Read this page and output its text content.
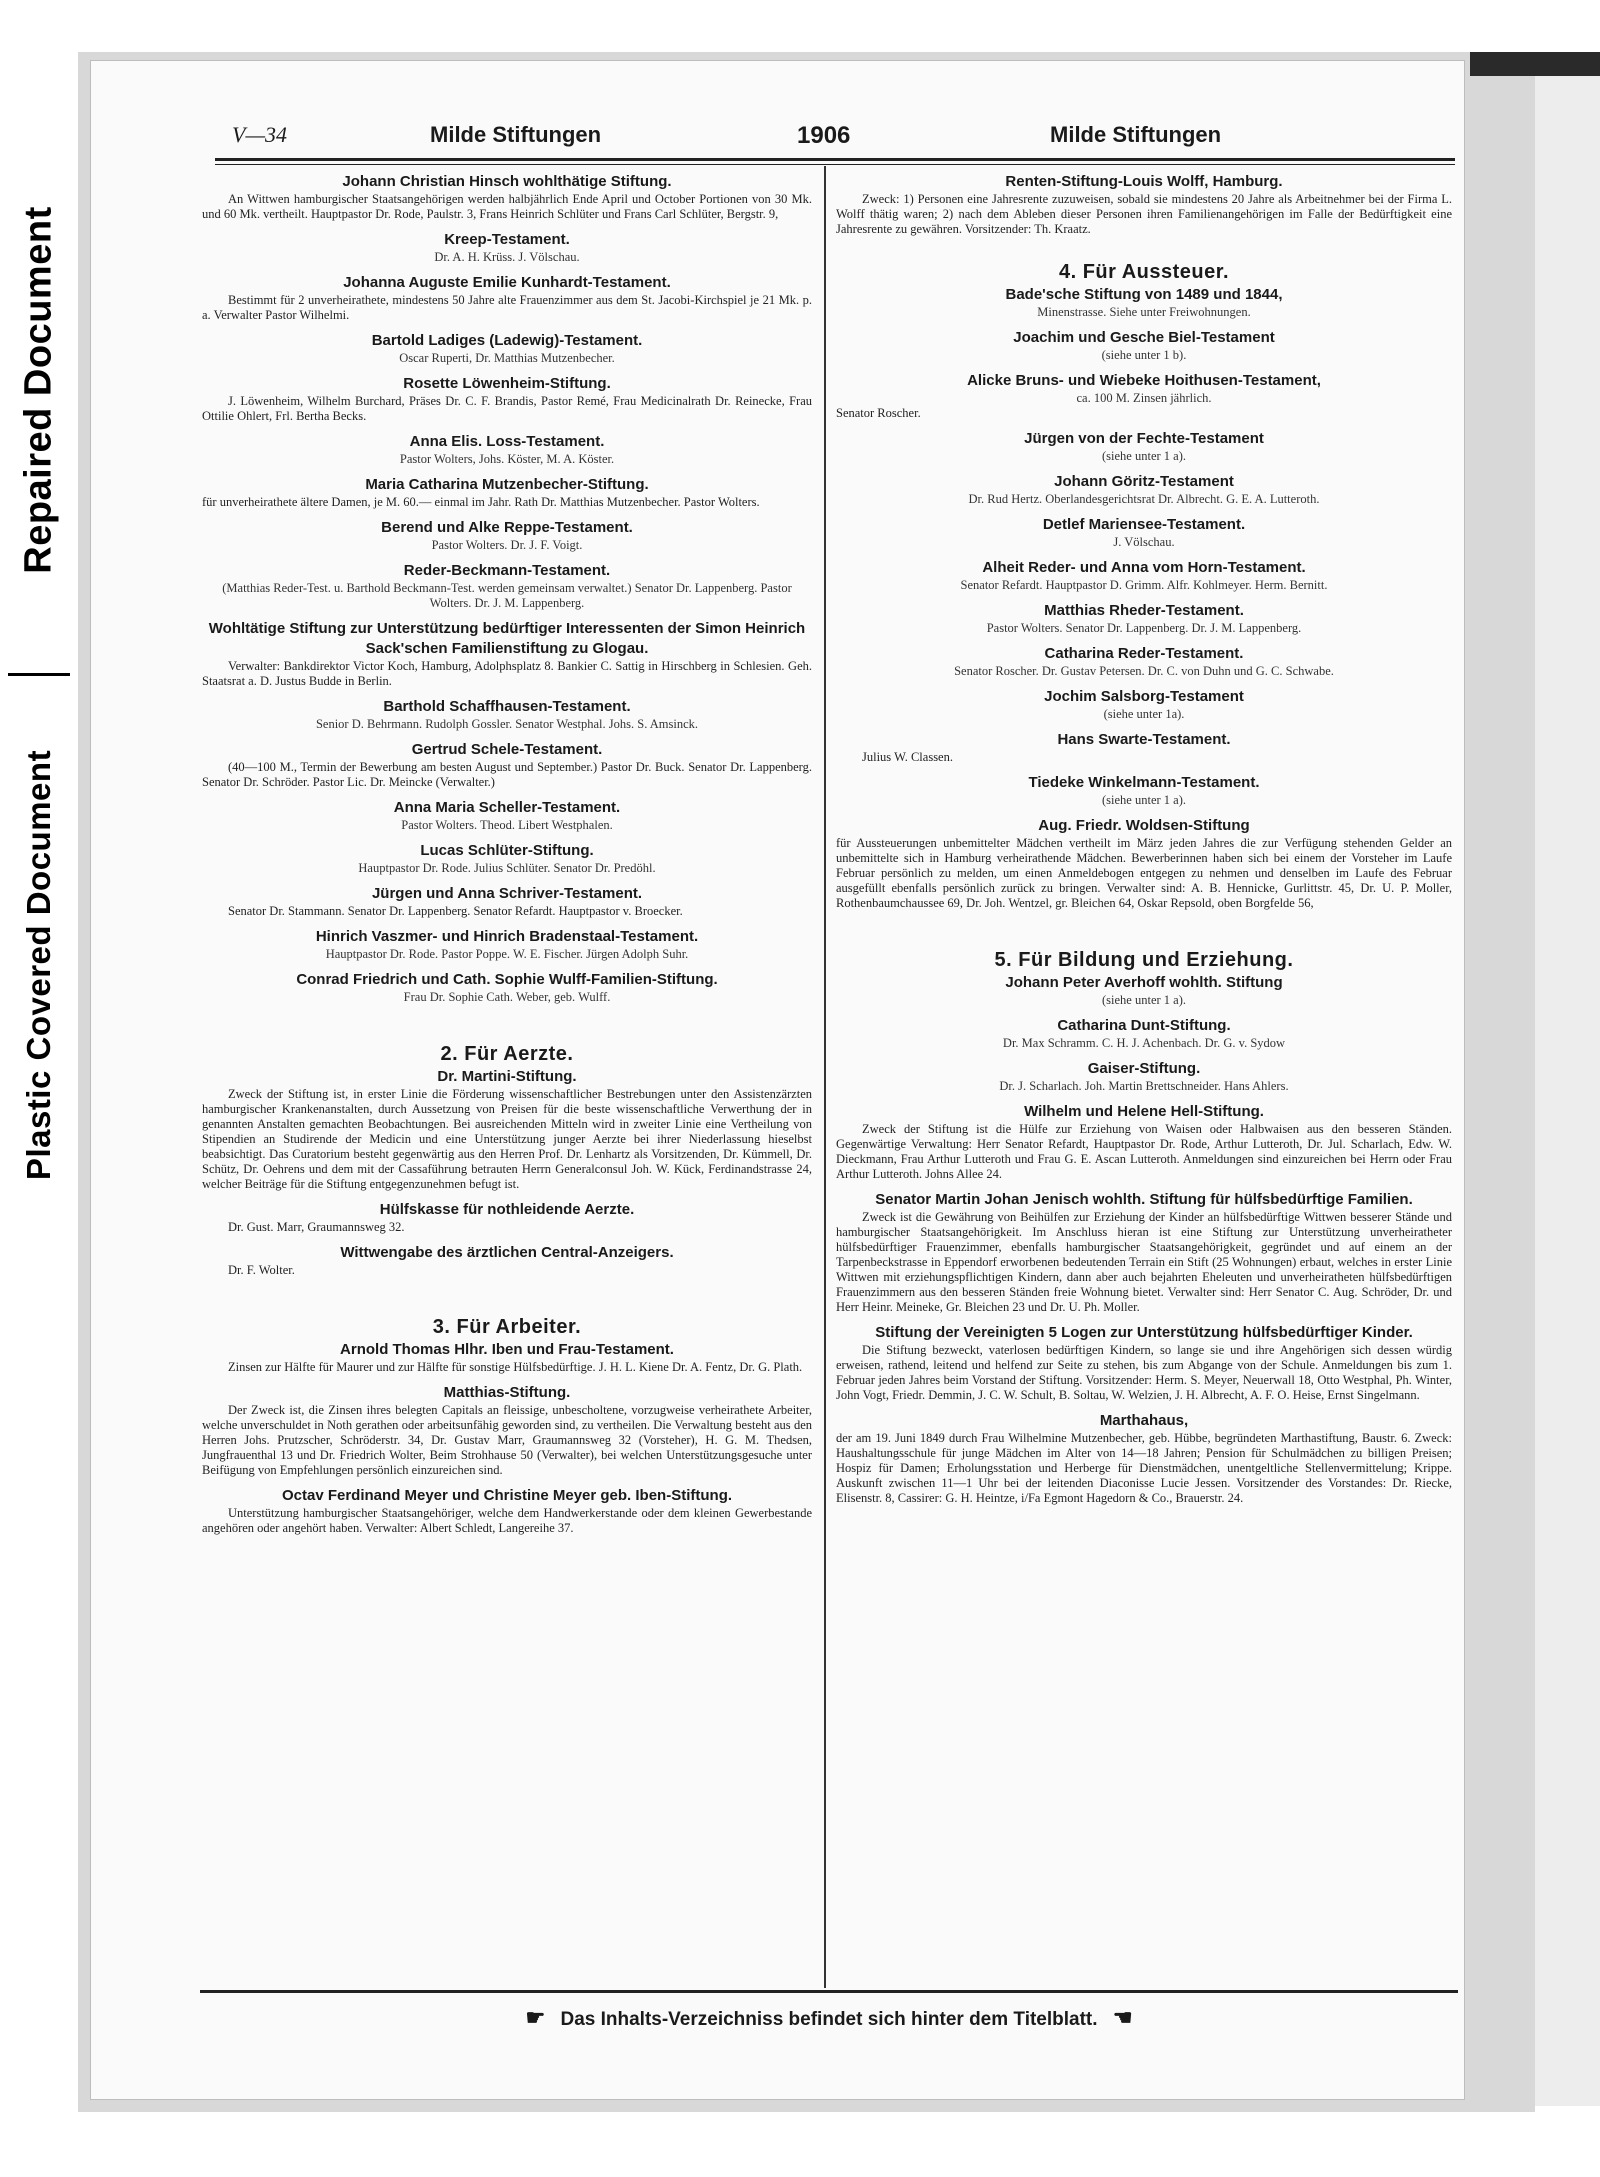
Repaired Document
Plastic Covered Document
V—34	Milde Stiftungen	1906	Milde Stiftungen

Johann Christian Hinsch wohlthätige Stiftung.

An Wittwen hamburgischer Staatsangehörigen werden halbjährlich Ende April und October Portionen von 30 Mk. und 60 Mk. vertheilt. Hauptpastor Dr. Rode, Paulstr. 3, Frans Heinrich Schlüter und Frans Carl Schlüter, Bergstr. 9,

Kreep-Testament.

Dr. A. H. Krüss. J. Völschau.

Johanna Auguste Emilie Kunhardt-Testament.

Bestimmt für 2 unverheirathete, mindestens 50 Jahre alte Frauenzimmer aus dem St. Jacobi-Kirchspiel je 21 Mk. p. a. Verwalter Pastor Wilhelmi.

Bartold Ladiges (Ladewig)-Testament.

Oscar Ruperti, Dr. Matthias Mutzenbecher.

Rosette Löwenheim-Stiftung.

J. Löwenheim, Wilhelm Burchard, Präses Dr. C. F. Brandis, Pastor Remé, Frau Medicinalrath Dr. Reinecke, Frau Ottilie Ohlert, Frl. Bertha Becks.

Anna Elis. Loss-Testament.

Pastor Wolters, Johs. Köster, M. A. Köster.

Maria Catharina Mutzenbecher-Stiftung.

für unverheirathete ältere Damen, je M. 60.— einmal im Jahr. Rath Dr. Matthias Mutzenbecher. Pastor Wolters.

Berend und Alke Reppe-Testament.

Pastor Wolters. Dr. J. F. Voigt.

Reder-Beckmann-Testament.

(Matthias Reder-Test. u. Barthold Beckmann-Test. werden gemeinsam verwaltet.) Senator Dr. Lappenberg. Pastor Wolters. Dr. J. M. Lappenberg.

Wohltätige Stiftung zur Unterstützung bedürftiger Interessenten der Simon Heinrich Sack'schen Familienstiftung zu Glogau.

Verwalter: Bankdirektor Victor Koch, Hamburg, Adolphsplatz 8. Bankier C. Sattig in Hirschberg in Schlesien. Geh. Staatsrat a. D. Justus Budde in Berlin.

Barthold Schaffhausen-Testament.

Senior D. Behrmann. Rudolph Gossler. Senator Westphal. Johs. S. Amsinck.

Gertrud Schele-Testament.

(40—100 M., Termin der Bewerbung am besten August und September.) Pastor Dr. Buck. Senator Dr. Lappenberg. Senator Dr. Schröder. Pastor Lic. Dr. Meincke (Verwalter.)

Anna Maria Scheller-Testament.

Pastor Wolters. Theod. Libert Westphalen.

Lucas Schlüter-Stiftung.

Hauptpastor Dr. Rode. Julius Schlüter. Senator Dr. Predöhl.

Jürgen und Anna Schriver-Testament.

Senator Dr. Stammann. Senator Dr. Lappenberg. Senator Refardt. Hauptpastor v. Broecker.

Hinrich Vaszmer- und Hinrich Bradenstaal-Testament.

Hauptpastor Dr. Rode. Pastor Poppe. W. E. Fischer. Jürgen Adolph Suhr.

Conrad Friedrich und Cath. Sophie Wulff-Familien-Stiftung.

Frau Dr. Sophie Cath. Weber, geb. Wulff.

2. Für Aerzte.

Dr. Martini-Stiftung.

Zweck der Stiftung ist, in erster Linie die Förderung wissenschaftlicher Bestrebungen unter den Assistenzärzten hamburgischer Krankenanstalten, durch Aussetzung von Preisen für die beste wissenschaftliche Verwerthung der in genannten Anstalten gemachten Beobachtungen. Bei ausreichenden Mitteln wird in zweiter Linie eine Vertheilung von Stipendien an Studirende der Medicin und eine Unterstützung junger Aerzte bei ihrer Niederlassung hieselbst beabsichtigt. Das Curatorium besteht gegenwärtig aus den Herren Prof. Dr. Lenhartz als Vorsitzenden, Dr. Kümmell, Dr. Schütz, Dr. Oehrens und dem mit der Cassaführung betrauten Herrn Generalconsul Joh. W. Kück, Ferdinandstrasse 24, welcher Beiträge für die Stiftung entgegenzunehmen befugt ist.

Hülfskasse für nothleidende Aerzte.

Dr. Gust. Marr, Graumannsweg 32.

Wittwengabe des ärztlichen Central-Anzeigers.

Dr. F. Wolter.

3. Für Arbeiter.

Arnold Thomas Hlhr. Iben und Frau-Testament.

Zinsen zur Hälfte für Maurer und zur Hälfte für sonstige Hülfsbedürftige. J. H. L. Kiene Dr. A. Fentz, Dr. G. Plath.

Matthias-Stiftung.

Der Zweck ist, die Zinsen ihres belegten Capitals an fleissige, unbescholtene, vorzugweise verheirathete Arbeiter, welche unverschuldet in Noth gerathen oder arbeitsunfähig geworden sind, zu vertheilen. Die Verwaltung besteht aus den Herren Johs. Prutzscher, Schröderstr. 34, Dr. Gustav Marr, Graumannsweg 32 (Vorsteher), H. G. M. Thedsen, Jungfrauenthal 13 und Dr. Friedrich Wolter, Beim Strohhause 50 (Verwalter), bei welchen Unterstützungsgesuche unter Beifügung von Empfehlungen persönlich einzureichen sind.

Octav Ferdinand Meyer und Christine Meyer geb. Iben-Stiftung.

Unterstützung hamburgischer Staatsangehöriger, welche dem Handwerkerstande oder dem kleinen Gewerbestande angehören oder angehört haben. Verwalter: Albert Schledt, Langereihe 37.

Renten-Stiftung-Louis Wolff, Hamburg.

Zweck: 1) Personen eine Jahresrente zuzuweisen, sobald sie mindestens 20 Jahre als Arbeitnehmer bei der Firma L. Wolff thätig waren; 2) nach dem Ableben dieser Personen ihren Familienangehörigen im Falle der Bedürftigkeit eine Jahresrente zu gewähren. Vorsitzender: Th. Kraatz.

4. Für Aussteuer.

Bade'sche Stiftung von 1489 und 1844,

Minenstrasse. Siehe unter Freiwohnungen.

Joachim und Gesche Biel-Testament

(siehe unter 1 b).

Alicke Bruns- und Wiebeke Hoithusen-Testament,

ca. 100 M. Zinsen jährlich.

Senator Roscher.

Jürgen von der Fechte-Testament

(siehe unter 1 a).

Johann Göritz-Testament

Dr. Rud Hertz. Oberlandesgerichtsrat Dr. Albrecht. G. E. A. Lutteroth.

Detlef Mariensee-Testament.

J. Völschau.

Alheit Reder- und Anna vom Horn-Testament.

Senator Refardt. Hauptpastor D. Grimm. Alfr. Kohlmeyer. Herm. Bernitt.

Matthias Rheder-Testament.

Pastor Wolters. Senator Dr. Lappenberg. Dr. J. M. Lappenberg.

Catharina Reder-Testament.

Senator Roscher. Dr. Gustav Petersen. Dr. C. von Duhn und G. C. Schwabe.

Jochim Salsborg-Testament

(siehe unter 1a).

Hans Swarte-Testament.

Julius W. Classen.

Tiedeke Winkelmann-Testament.

(siehe unter 1 a).

Aug. Friedr. Woldsen-Stiftung

für Aussteuerungen unbemittelter Mädchen vertheilt im März jeden Jahres die zur Verfügung stehenden Gelder an unbemittelte sich in Hamburg verheirathende Mädchen. Bewerberinnen haben sich bei einem der Vorsteher im Laufe Februar persönlich zu melden, um einen Anmeldebogen entgegen zu nehmen und denselben im Laufe des Februar ausgefüllt ebenfalls persönlich zurück zu bringen. Verwalter sind: A. B. Hennicke, Gurlittstr. 45, Dr. U. P. Moller, Rothenbaumchaussee 69, Dr. Joh. Wentzel, gr. Bleichen 64, Oskar Repsold, oben Borgfelde 56,

5. Für Bildung und Erziehung.

Johann Peter Averhoff wohlth. Stiftung

(siehe unter 1 a).

Catharina Dunt-Stiftung.

Dr. Max Schramm. C. H. J. Achenbach. Dr. G. v. Sydow

Gaiser-Stiftung.

Dr. J. Scharlach. Joh. Martin Brettschneider. Hans Ahlers.

Wilhelm und Helene Hell-Stiftung.

Zweck der Stiftung ist die Hülfe zur Erziehung von Waisen oder Halbwaisen aus den besseren Ständen. Gegenwärtige Verwaltung: Herr Senator Refardt, Hauptpastor Dr. Rode, Arthur Lutteroth, Dr. Jul. Scharlach, Edw. W. Dieckmann, Frau Arthur Lutteroth und Frau G. E. Ascan Lutteroth. Anmeldungen sind einzureichen bei Herrn oder Frau Arthur Lutteroth. Johns Allee 24.

Senator Martin Johan Jenisch wohlth. Stiftung für hülfsbedürftige Familien.

Zweck ist die Gewährung von Beihülfen zur Erziehung der Kinder an hülfsbedürftige Wittwen besserer Stände und hamburgischer Staatsangehörigkeit. Im Anschluss hieran ist eine Stiftung zur Unterstützung unverheiratheter hülfsbedürftiger Frauenzimmer, ebenfalls hamburgischer Staatsangehörigkeit, gegründet und auf einem an der Tarpenbeckstrasse in Eppendorf erworbenen bedeutenden Terrain ein Stift (25 Wohnungen) erbaut, welches in erster Linie Wittwen mit erziehungspflichtigen Kindern, dann aber auch bejahrten Eheleuten und unverheiratheten hülfsbedürftigen Frauenzimmern aus den besseren Ständen freie Wohnung bietet. Verwalter sind: Herr Senator C. Aug. Schröder, Dr. und Herr Heinr. Meineke, Gr. Bleichen 23 und Dr. U. Ph. Moller.

Stiftung der Vereinigten 5 Logen zur Unterstützung hülfsbedürftiger Kinder.

Die Stiftung bezweckt, vaterlosen bedürftigen Kindern, so lange sie und ihre Angehörigen sich dessen würdig erweisen, rathend, leitend und helfend zur Seite zu stehen, bis zum Abgange von der Schule. Anmeldungen bis zum 1. Februar jeden Jahres beim Vorstand der Stiftung. Vorsitzender: Herm. S. Meyer, Neuerwall 18, Otto Westphal, Ph. Winter, John Vogt, Friedr. Demmin, J. C. W. Schult, B. Soltau, W. Welzien, J. H. Albrecht, A. F. O. Heise, Ernst Singelmann.

Marthahaus,

der am 19. Juni 1849 durch Frau Wilhelmine Mutzenbecher, geb. Hübbe, begründeten Marthastiftung, Baustr. 6. Zweck: Haushaltungsschule für junge Mädchen im Alter von 14—18 Jahren; Pension für Schulmädchen zu billigen Preisen; Hospiz für Damen; Erholungsstation und Herberge für Dienstmädchen, unentgeltliche Stellenvermittelung; Krippe. Auskunft zwischen 11—1 Uhr bei der leitenden Diaconisse Lucie Jessen. Vorsitzender des Vorstandes: Dr. Riecke, Elisenstr. 8, Cassirer: G. H. Heintze, i/Fa Egmont Hagedorn & Co., Brauerstr. 24.

☛ Das Inhalts-Verzeichniss befindet sich hinter dem Titelblatt. ☚
